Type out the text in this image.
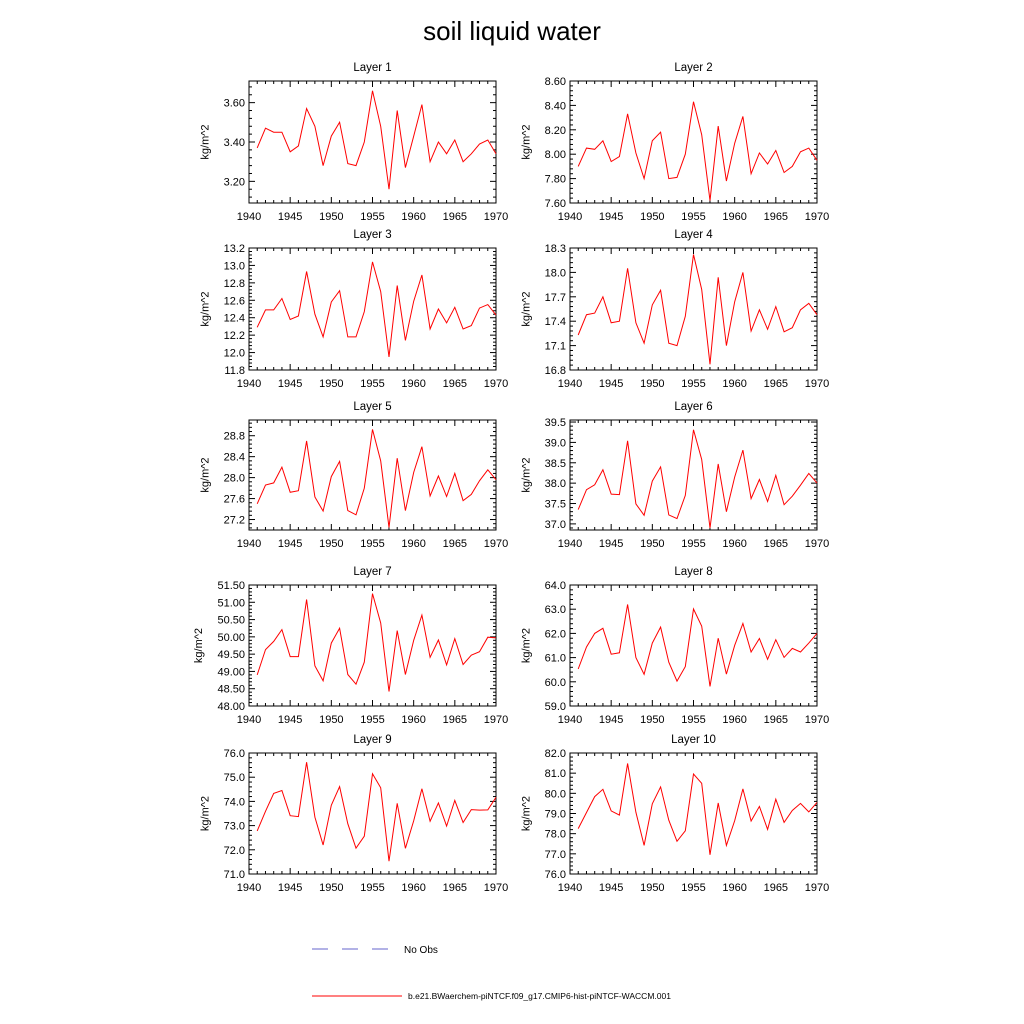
soil liquid water
Layer 1
1940 1945 1950 1955 1960 1965 1970
3.20
3.40
3.60
kg/m^2
Layer 2
1940 1945 1950 1955 1960 1965 1970
7.60
7.80
8.00
8.20
8.40
8.60
kg/m^2
Layer 3
1940 1945 1950 1955 1960 1965 1970
11.8
12.0
12.2
12.4
12.6
12.8
13.0
13.2
kg/m^2
Layer 4
1940 1945 1950 1955 1960 1965 1970
16.8
17.1
17.4
17.7
18.0
18.3
kg/m^2
Layer 5
1940 1945 1950 1955 1960 1965 1970
27.2
27.6
28.0
28.4
28.8
kg/m^2
Layer 6
1940 1945 1950 1955 1960 1965 1970
37.0
37.5
38.0
38.5
39.0
39.5
kg/m^2
Layer 7
1940 1945 1950 1955 1960 1965 1970
48.00
48.50
49.00
49.50
50.00
50.50
51.00
51.50
kg/m^2
Layer 8
1940 1945 1950 1955 1960 1965 1970
59.0
60.0
61.0
62.0
63.0
64.0
kg/m^2
Layer 9
1940 1945 1950 1955 1960 1965 1970
71.0
72.0
73.0
74.0
75.0
76.0
kg/m^2
Layer 10
1940 1945 1950 1955 1960 1965 1970
76.0
77.0
78.0
79.0
80.0
81.0
82.0
kg/m^2
No Obs
b.e21.BWaerchem-piNTCF.f09_g17.CMIP6-hist-piNTCF-WACCM.001
